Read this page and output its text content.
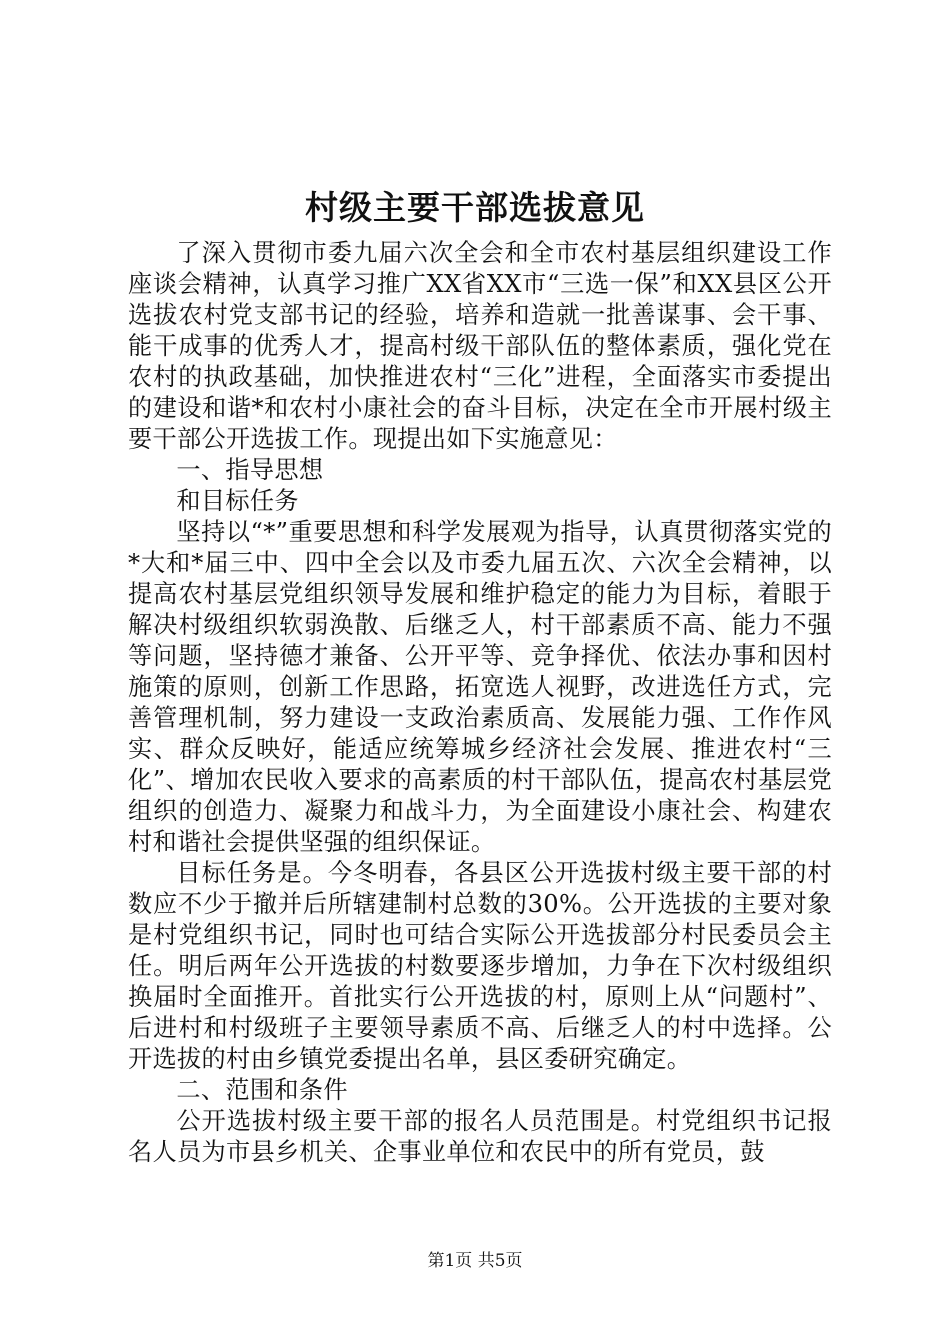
村级主要干部选拔意见

了深入贯彻市委九届六次全会和全市农村基层组织建设工作座谈会精神，认真学习推广XX省XX市“三选一保”和XX县区公开选拔农村党支部书记的经验，培养和造就一批善谋事、会干事、能干成事的优秀人才，提高村级干部队伍的整体素质，强化党在农村的执政基础，加快推进农村“三化”进程，全面落实市委提出的建设和谐*和农村小康社会的奋斗目标，决定在全市开展村级主要干部公开选拔工作。现提出如下实施意见：

一、指导思想

和目标任务

坚持以“*”重要思想和科学发展观为指导，认真贯彻落实党的*大和*届三中、四中全会以及市委九届五次、六次全会精神，以提高农村基层党组织领导发展和维护稳定的能力为目标，着眼于解决村级组织软弱涣散、后继乏人，村干部素质不高、能力不强等问题，坚持德才兼备、公开平等、竞争择优、依法办事和因村施策的原则，创新工作思路，拓宽选人视野，改进选任方式，完善管理机制，努力建设一支政治素质高、发展能力强、工作作风实、群众反映好，能适应统筹城乡经济社会发展、推进农村“三化”、增加农民收入要求的高素质的村干部队伍，提高农村基层党组织的创造力、凝聚力和战斗力，为全面建设小康社会、构建农村和谐社会提供坚强的组织保证。

目标任务是。今冬明春，各县区公开选拔村级主要干部的村数应不少于撤并后所辖建制村总数的30%。公开选拔的主要对象是村党组织书记，同时也可结合实际公开选拔部分村民委员会主任。明后两年公开选拔的村数要逐步增加，力争在下次村级组织换届时全面推开。首批实行公开选拔的村，原则上从“问题村”、后进村和村级班子主要领导素质不高、后继乏人的村中选择。公开选拔的村由乡镇党委提出名单，县区委研究确定。

二、范围和条件

公开选拔村级主要干部的报名人员范围是。村党组织书记报名人员为市县乡机关、企事业单位和农民中的所有党员，鼓

第1页 共5页
